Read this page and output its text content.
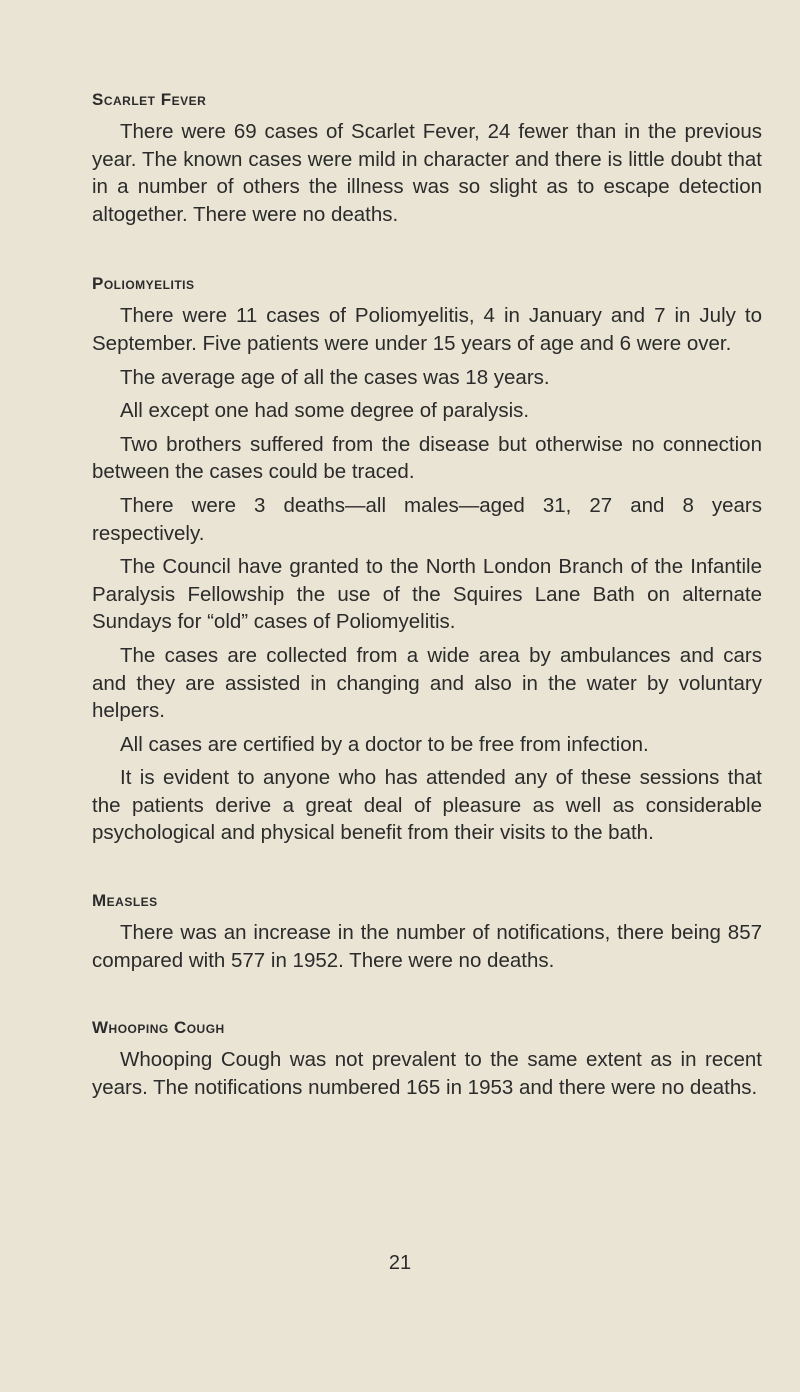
Scarlet Fever

There were 69 cases of Scarlet Fever, 24 fewer than in the previous year. The known cases were mild in character and there is little doubt that in a number of others the illness was so slight as to escape detection altogether. There were no deaths.

Poliomyelitis

There were 11 cases of Poliomyelitis, 4 in January and 7 in July to September. Five patients were under 15 years of age and 6 were over.

The average age of all the cases was 18 years.

All except one had some degree of paralysis.

Two brothers suffered from the disease but otherwise no connection between the cases could be traced.

There were 3 deaths—all males—aged 31, 27 and 8 years respectively.

The Council have granted to the North London Branch of the Infantile Paralysis Fellowship the use of the Squires Lane Bath on alternate Sundays for “old” cases of Poliomyelitis.

The cases are collected from a wide area by ambulances and cars and they are assisted in changing and also in the water by voluntary helpers.

All cases are certified by a doctor to be free from infection.

It is evident to anyone who has attended any of these sessions that the patients derive a great deal of pleasure as well as considerable psychological and physical benefit from their visits to the bath.

Measles

There was an increase in the number of notifications, there being 857 compared with 577 in 1952. There were no deaths.

Whooping Cough

Whooping Cough was not prevalent to the same extent as in recent years. The notifications numbered 165 in 1953 and there were no deaths.

21
